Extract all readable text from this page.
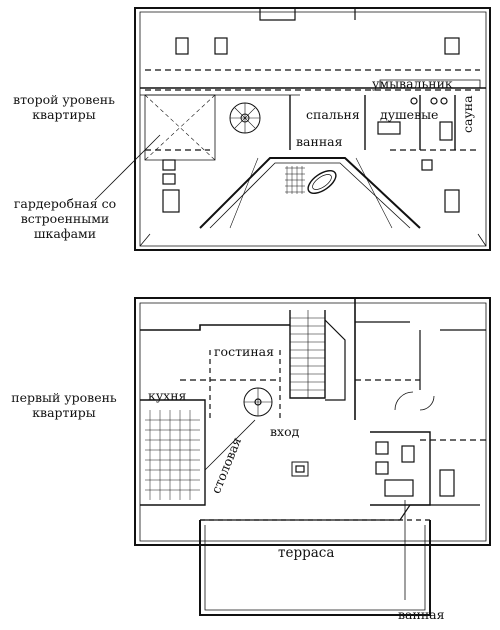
второй уровень
квартиры
гардеробная со
встроенными
шкафами
умывальник
спальня душевые сауна
ванная
первый уровень
квартиры
кухня
гостиная
столовая
вход
терраса
ванная
